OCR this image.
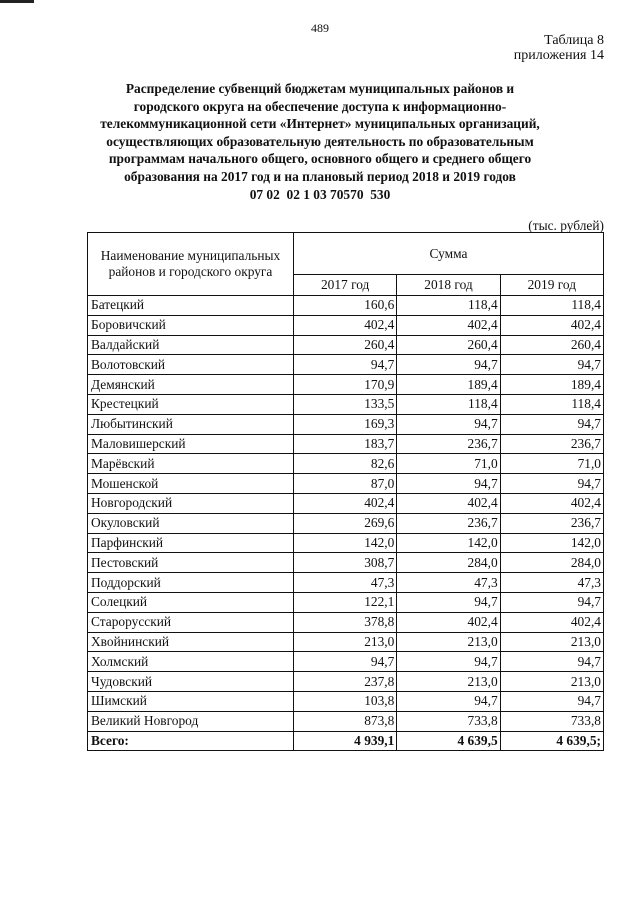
489
Таблица 8
приложения 14
Распределение субвенций бюджетам муниципальных районов и
городского округа на обеспечение доступа к информационно-
телекоммуникационной сети «Интернет» муниципальных организаций,
осуществляющих образовательную деятельность по образовательным
программам начального общего, основного общего и среднего общего
образования на 2017 год и на плановый период 2018 и 2019 годов
07 02  02 1 03 70570  530
(тыс. рублей)
Наименование муниципальных районов и городского округа	Сумма		
	2017 год	2018 год	2019 год
Батецкий	160,6	118,4	118,4
Боровичский	402,4	402,4	402,4
Валдайский	260,4	260,4	260,4
Волотовский	94,7	94,7	94,7
Демянский	170,9	189,4	189,4
Крестецкий	133,5	118,4	118,4
Любытинский	169,3	94,7	94,7
Маловишерский	183,7	236,7	236,7
Марёвский	82,6	71,0	71,0
Мошенской	87,0	94,7	94,7
Новгородский	402,4	402,4	402,4
Окуловский	269,6	236,7	236,7
Парфинский	142,0	142,0	142,0
Пестовский	308,7	284,0	284,0
Поддорский	47,3	47,3	47,3
Солецкий	122,1	94,7	94,7
Старорусский	378,8	402,4	402,4
Хвойнинский	213,0	213,0	213,0
Холмский	94,7	94,7	94,7
Чудовский	237,8	213,0	213,0
Шимский	103,8	94,7	94,7
Великий Новгород	873,8	733,8	733,8
Всего:	4 939,1	4 639,5	4 639,5;
